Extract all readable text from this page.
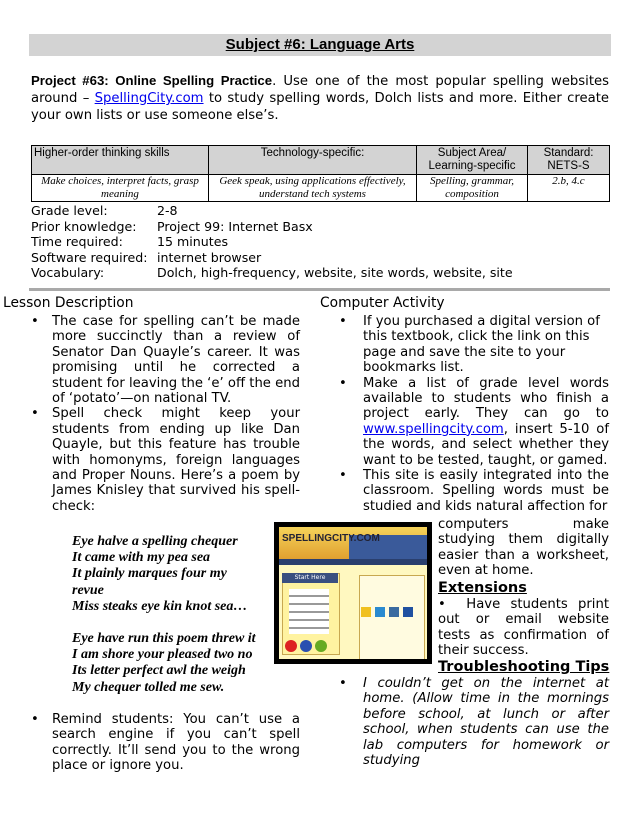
Subject #6: Language Arts
Project #63: Online Spelling Practice. Use one of the most popular spelling websites around – SpellingCity.com to study spelling words, Dolch lists and more. Either create your own lists or use someone else’s.
Higher-order thinking skills	Technology-specific:	Subject Area/ Learning-specific	Standard: NETS-S
Make choices, interpret facts, grasp meaning	Geek speak, using applications effectively, understand tech systems	Spelling, grammar, composition	2.b, 4.c
Grade level:	2-8
Prior knowledge:	Project 99: Internet Basx
Time required:	15 minutes
Software required: internet browser
Vocabulary:	Dolch, high-frequency, website, site words, website, site
Lesson Description
• The case for spelling can’t be made more succinctly than a review of Senator Dan Quayle’s career. It was promising until he corrected a student for leaving the ‘e’ off the end of ‘potato’—on national TV.
• Spell check might keep your students from ending up like Dan Quayle, but this feature has trouble with homonyms, foreign languages and Proper Nouns. Here’s a poem by James Knisley that survived his spell-check:
Eye halve a spelling chequer
It came with my pea sea
It plainly marques four my
revue
Miss steaks eye kin knot sea…
Eye have run this poem threw it
I am shore your pleased two no
Its letter perfect awl the weigh
My chequer tolled me sew.
• Remind students: You can’t use a search engine if you can’t spell correctly. It’ll send you to the wrong place or ignore you.
SPELLINGCITY.COM
Start Here
Computer Activity
• If you purchased a digital version of this textbook, click the link on this page and save the site to your bookmarks list.
• Make a list of grade level words available to students who finish a project early. They can go to www.spellingcity.com, insert 5-10 of the words, and select whether they want to be tested, taught, or gamed.
• This site is easily integrated into the classroom. Spelling words must be studied and kids natural affection for
computers make studying them digitally easier than a worksheet, even at home.
Extensions
•  Have students print out or email website tests as confirmation of their success.
Troubleshooting Tips
• I couldn’t get on the internet at home. (Allow time in the mornings before school, at lunch or after school, when students can use the lab computers for homework or studying
